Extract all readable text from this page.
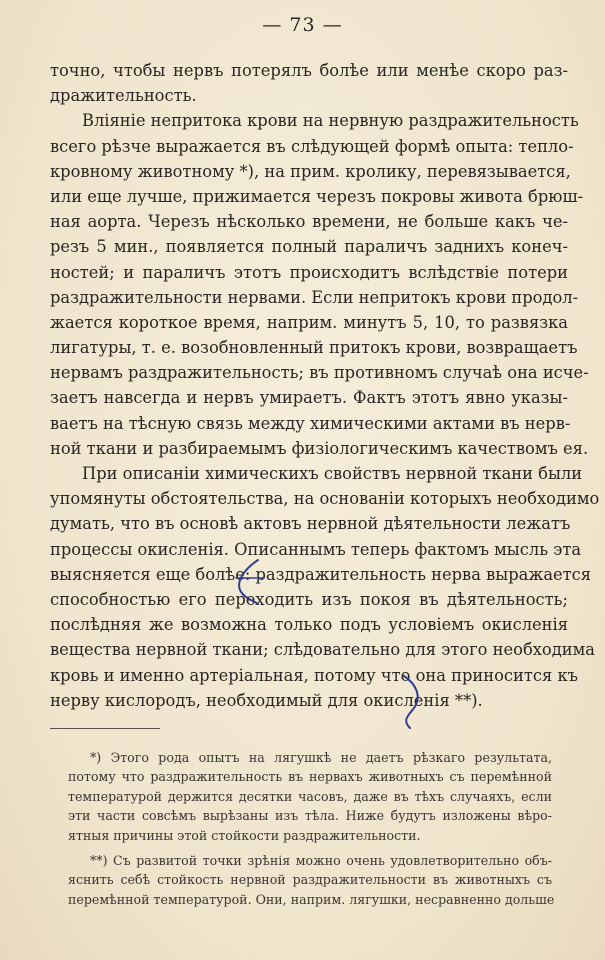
— 73 —
точно, чтобы нервъ потерялъ болѣе или менѣе скоро раз-
дражительность.
Вліяніе непритока крови на нервную раздражительность
всего рѣзче выражается въ слѣдующей формѣ опыта: тепло-
кровному животному *), на прим. кролику, перевязывается,
или еще лучше, прижимается черезъ покровы живота брюш-
ная аорта. Черезъ нѣсколько времени, не больше какъ че-
резъ 5 мин., появляется полный параличъ заднихъ конеч-
ностей; и параличъ этотъ происходитъ вслѣдствіе потери
раздражительности нервами. Если непритокъ крови продол-
жается короткое время, наприм. минутъ 5, 10, то развязка
лигатуры, т. е. возобновленный притокъ крови, возвращаетъ
нервамъ раздражительность; въ противномъ случаѣ она исче-
заетъ навсегда и нервъ умираетъ. Фактъ этотъ явно указы-
ваетъ на тѣсную связь между химическими актами въ нерв-
ной ткани и разбираемымъ физіологическимъ качествомъ ея.
При описаніи химическихъ свойствъ нервной ткани были
упомянуты обстоятельства, на основаніи которыхъ необходимо
думать, что въ основѣ актовъ нервной дѣятельности лежатъ
процессы окисленія. Описаннымъ теперь фактомъ мысль эта
выясняется еще болѣе: раздражительность нерва выражается
способностью его переходить изъ покоя въ дѣятельность;
послѣдняя же возможна только подъ условіемъ окисленія
вещества нервной ткани; слѣдовательно для этого необходима
кровь и именно артеріальная, потому что она приносится къ
нерву кислородъ, необходимый для окисленія **).
*) Этого рода опытъ на лягушкѣ не даетъ рѣзкаго результата,
потому что раздражительность въ нервахъ животныхъ съ перемѣнной
температурой держится десятки часовъ, даже въ тѣхъ случаяхъ, если
эти части совсѣмъ вырѣзаны изъ тѣла. Ниже будутъ изложены вѣро-
ятныя причины этой стойкости раздражительности.
**) Съ развитой точки зрѣнія можно очень удовлетворительно объ-
яснить себѣ стойкость нервной раздражительности въ животныхъ съ
перемѣнной температурой. Они, наприм. лягушки, несравненно дольше
